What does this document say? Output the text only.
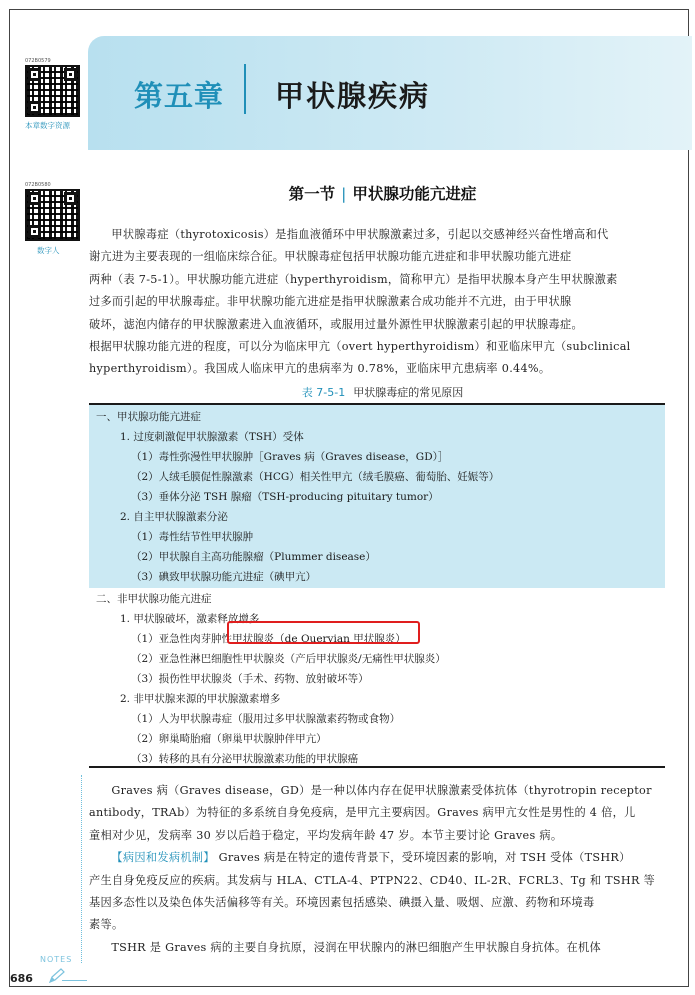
第五章 甲状腺疾病
072B0579
本章数字资源
072B0580
数字人
第一节 | 甲状腺功能亢进症

甲状腺毒症（thyrotoxicosis）是指血液循环中甲状腺激素过多，引起以交感神经兴奋性增高和代

谢亢进为主要表现的一组临床综合征。甲状腺毒症包括甲状腺功能亢进症和非甲状腺功能亢进症

两种（表 7-5-1）。甲状腺功能亢进症（hyperthyroidism，简称甲亢）是指甲状腺本身产生甲状腺激素

过多而引起的甲状腺毒症。非甲状腺功能亢进症是指甲状腺激素合成功能并不亢进，由于甲状腺

破坏，滤泡内储存的甲状腺激素进入血液循环，或服用过量外源性甲状腺激素引起的甲状腺毒症。

根据甲状腺功能亢进的程度，可以分为临床甲亢（overt hyperthyroidism）和亚临床甲亢（subclinical

hyperthyroidism）。我国成人临床甲亢的患病率为 0.78%，亚临床甲亢患病率 0.44%。

表 7-5-1 甲状腺毒症的常见原因
一、甲状腺功能亢进症
1. 过度刺激促甲状腺激素（TSH）受体
（1）毒性弥漫性甲状腺肿［Graves 病（Graves disease，GD）］
（2）人绒毛膜促性腺激素（HCG）相关性甲亢（绒毛膜癌、葡萄胎、妊娠等）
（3）垂体分泌 TSH 腺瘤（TSH-producing pituitary tumor）
2. 自主甲状腺激素分泌
（1）毒性结节性甲状腺肿
（2）甲状腺自主高功能腺瘤（Plummer disease）
（3）碘致甲状腺功能亢进症（碘甲亢）
二、非甲状腺功能亢进症
1. 甲状腺破坏，激素释放增多
（1）亚急性肉芽肿性甲状腺炎（de Quervian 甲状腺炎）
（2）亚急性淋巴细胞性甲状腺炎（产后甲状腺炎/无痛性甲状腺炎）
（3）损伤性甲状腺炎（手术、药物、放射破坏等）
2. 非甲状腺来源的甲状腺激素增多
（1）人为甲状腺毒症（服用过多甲状腺激素药物或食物）
（2）卵巢畸胎瘤（卵巢甲状腺肿伴甲亢）
（3）转移的具有分泌甲状腺激素功能的甲状腺癌

Graves 病（Graves disease，GD）是一种以体内存在促甲状腺激素受体抗体（thyrotropin receptor

antibody，TRAb）为特征的多系统自身免疫病，是甲亢主要病因。Graves 病甲亢女性是男性的 4 倍，儿

童相对少见，发病率 30 岁以后趋于稳定，平均发病年龄 47 岁。本节主要讨论 Graves 病。

【病因和发病机制】 Graves 病是在特定的遗传背景下，受环境因素的影响，对 TSH 受体（TSHR）

产生自身免疫反应的疾病。其发病与 HLA、CTLA-4、PTPN22、CD40、IL-2R、FCRL3、Tg 和 TSHR 等

基因多态性以及染色体失活偏移等有关。环境因素包括感染、碘摄入量、吸烟、应激、药物和环境毒

素等。

TSHR 是 Graves 病的主要自身抗原，浸润在甲状腺内的淋巴细胞产生甲状腺自身抗体。在机体

NOTES
686
